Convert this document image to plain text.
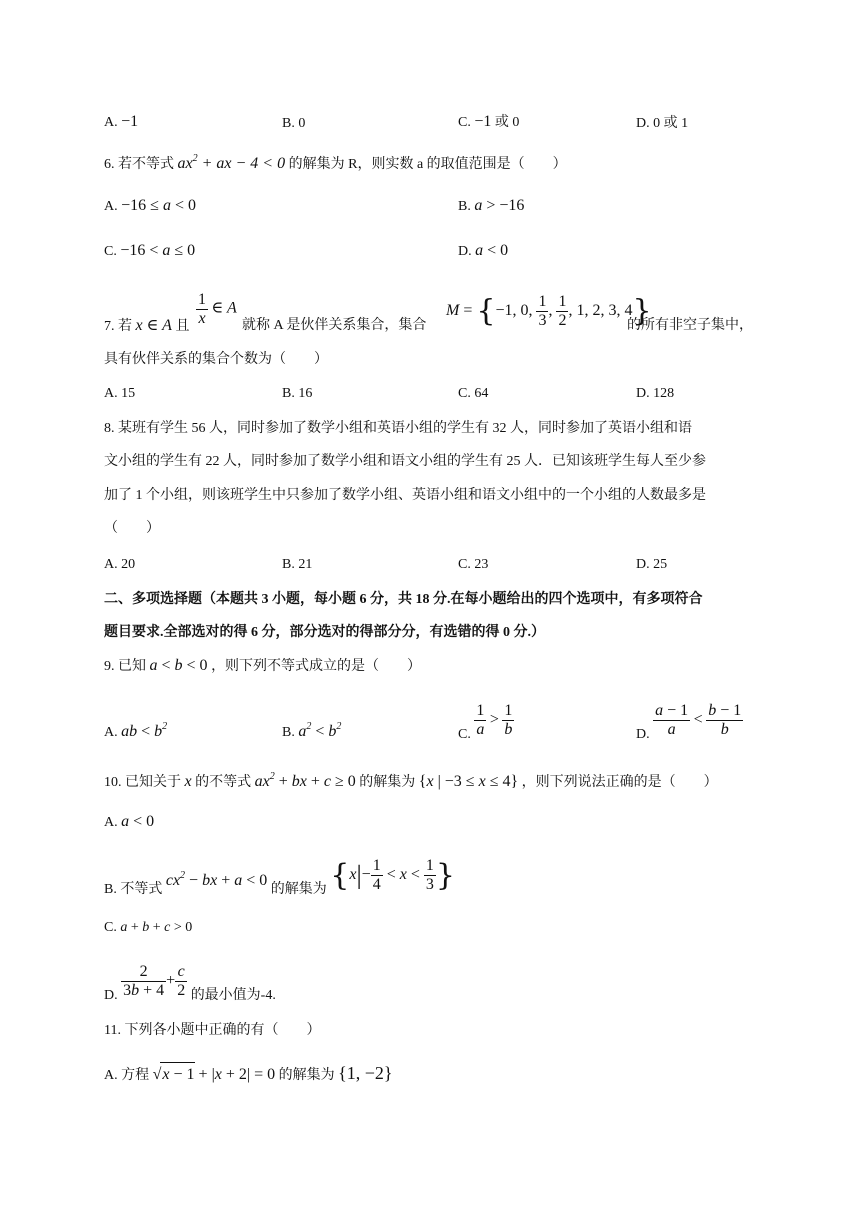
A. −1	B. 0	C. −1 或 0	D. 0 或 1
6. 若不等式 $ax^2$ + ax − 4 < 0 的解集为 R，则实数 a 的取值范围是（　　）
A. −16 ≤ a < 0	B. a > −16
C. −16 < a ≤ 0	D. a < 0
7. 若 x ∈ A 且 $\frac{1}{x}$ ∈ A
就称 A 是伙伴关系集合，集合
M = {−1, 0, $\frac{1}{3}$ , $\frac{1}{2}$ , 1, 2, 3, 4}
的所有非空子集中，
具有伙伴关系的集合个数为（　　）
A. 15	B. 16	C. 64	D. 128
8. 某班有学生 56 人，同时参加了数学小组和英语小组的学生有 32 人，同时参加了英语小组和语
文小组的学生有 22 人，同时参加了数学小组和语文小组的学生有 25 人．已知该班学生每人至少参
加了 1 个小组，则该班学生中只参加了数学小组、英语小组和语文小组中的一个小组的人数最多是
（　　）
A. 20	B. 21	C. 23	D. 25
二、多项选择题（本题共 3 小题，每小题 6 分，共 18 分.在每小题给出的四个选项中，有多项符合
题目要求.全部选对的得 6 分，部分选对的得部分分，有选错的得 0 分.）
9. 已知 a < b < 0 ，则下列不等式成立的是（　　）
A. ab < $b^2$	B. $a^2 < b^2$
C. $\frac{1}{a} > \frac{1}{b}$	D. $\frac{a - 1}{a} < \frac{b - 1}{b}$
10. 已知关于 x 的不等式 $ax^2$ + bx + c ≥ 0 的解集为 {x | −3 ≤ x ≤ 4} ，则下列说法正确的是（　　）
A. a < 0
B. 不等式 $cx^2$ − bx + a < 0 的解集为 {$x|- \frac{1}{4} < x < \frac{1}{3}$ }
C. a + b + c > 0
D. $\frac{2}{3b + 4} + \frac{c}{2}$ 的最小值为-4.
11. 下列各小题中正确的有（　　）
A. 方程 √x − 1 + |x + 2| = 0 的解集为 {1, −2}
